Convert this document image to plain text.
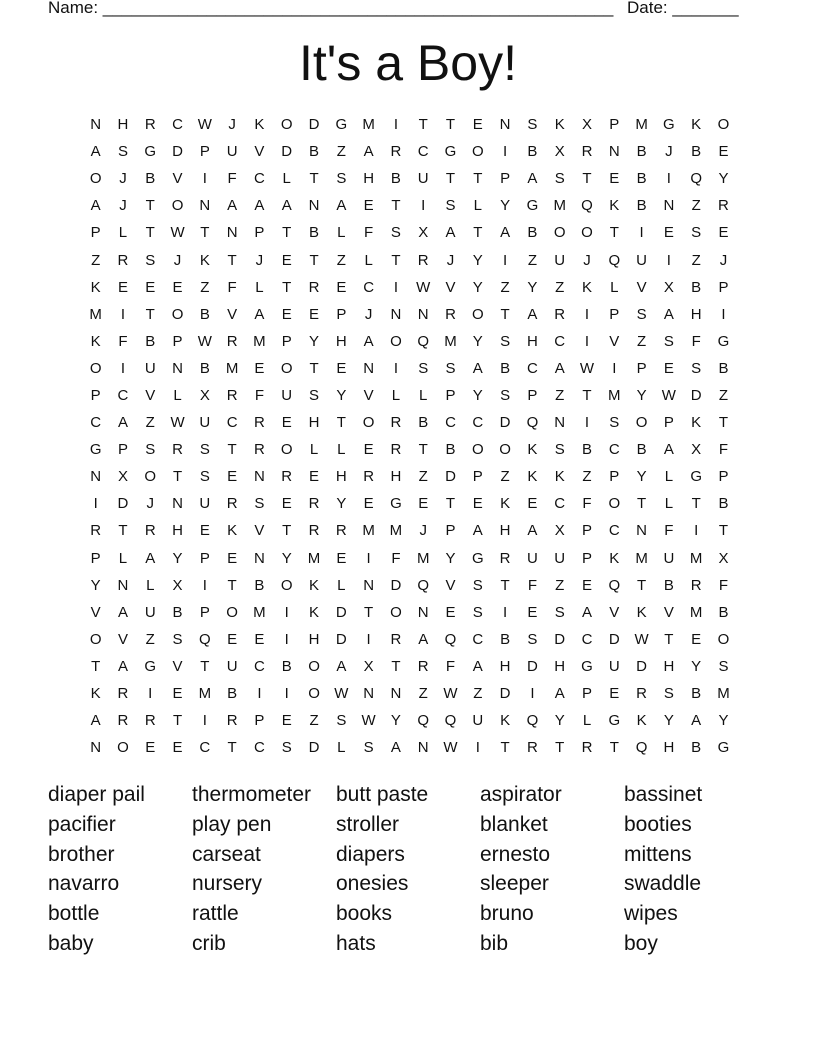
Name: ______________________________________________________ Date: _______
It's a Boy!
N	H	R	C W	J	K	O	D	G	M	I	T	T	E	N	S	K	X	P	M	G	K	O
A	S	G	D	P	U	V	D	B	Z	A	R	C	G	O	I	B	X	R	N	B	J	B	E
O	J	B	V	I	F	C	L	T	S	H	B	U	T	T	P	A	S	T	E	B	I	Q	Y
A	J	T	O	N	A	A	A	N	A	E	T	I	S	L	Y	G	M	Q	K	B	N	Z	R
P	L	T	W	T	N	P	T	B	L	F	S	X	A	T	A	B	O	O	T	I	E	S	E
Z	R	S	J	K	T	J	E	T	Z	L	T	R	J	Y	I	Z	U	J	Q	U	I	Z	J
K	E	E	E	Z	F	L	T	R	E	C	I	W	V	Y	Z	Y	Z	K	L	V	X	B	P
M	I	T	O	B	V	A	E	E	P	J	N	N	R	O	T	A	R	I	P	S	A	H	I
K	F	B	P	W R	M	P	Y	H	A	O	Q	M	Y	S	H	C	I	V	Z	S	F	G
O	I	U	N	B	M	E	O	T	E	N	I	S	S	A	B	C	A	W	I	P	E	S	B
P	C	V	L	X	R	F	U	S	Y	V	L	L	P	Y	S	P	Z	T	M	Y	W D	Z
C	A	Z	W U	C	R	E	H	T	O	R	B	C	C	D	Q	N	I	S	O	P	K	T
G	P	S	R	S	T	R	O	L	L	E	R	T	B	O	O	K	S	B	C	B	A	X	F
N	X	O	T	S	E	N	R	E	H	R	H	Z	D	P	Z	K	K	Z	P	Y	L	G	P
I	D	J	N	U	R	S	E	R	Y	E	G	E	T	E	K	E	C	F	O	T	L	T	B
R	T	R	H	E	K	V	T	R	R	M M	J	P	A	H	A	X	P	C	N	F	I	T
P	L	A	Y	P	E	N	Y	M	E	I	F	M	Y	G	R	U	U	P	K	M	U	M	X
Y	N	L	X	I	T	B	O	K	L	N	D	Q	V	S	T	F	Z	E	Q	T	B	R	F
V	A	U	B	P	O	M	I	K	D	T	O	N	E	S	I	E	S	A	V	K	V	M	B
O	V	Z	S	Q	E	E	I	H	D	I	R	A	Q	C	B	S	D	C	D W	T	E	O
T	A	G	V	T	U	C	B	O	A	X	T	R	F	A	H	D	H	G	U	D	H	Y	S
K	R	I	E	M	B	I	I	O W N	N	Z	W	Z	D	I	A	P	E	R	S	B	M
A	R	R	T	I	R	P	E	Z	S	W	Y	Q	Q	U	K	Q	Y	L	G	K	Y	A	Y
N	O	E	E	C	T	C	S	D	L	S	A	N W	I	T	R	T	R	T	Q	H	B	G
diaper pail	thermometer	butt paste	aspirator	bassinet
pacifier	play pen	stroller	blanket	booties
brother	carseat	diapers	ernesto	mittens
navarro	nursery	onesies	sleeper	swaddle
bottle	rattle	books	bruno	wipes
baby	crib	hats	bib	boy
